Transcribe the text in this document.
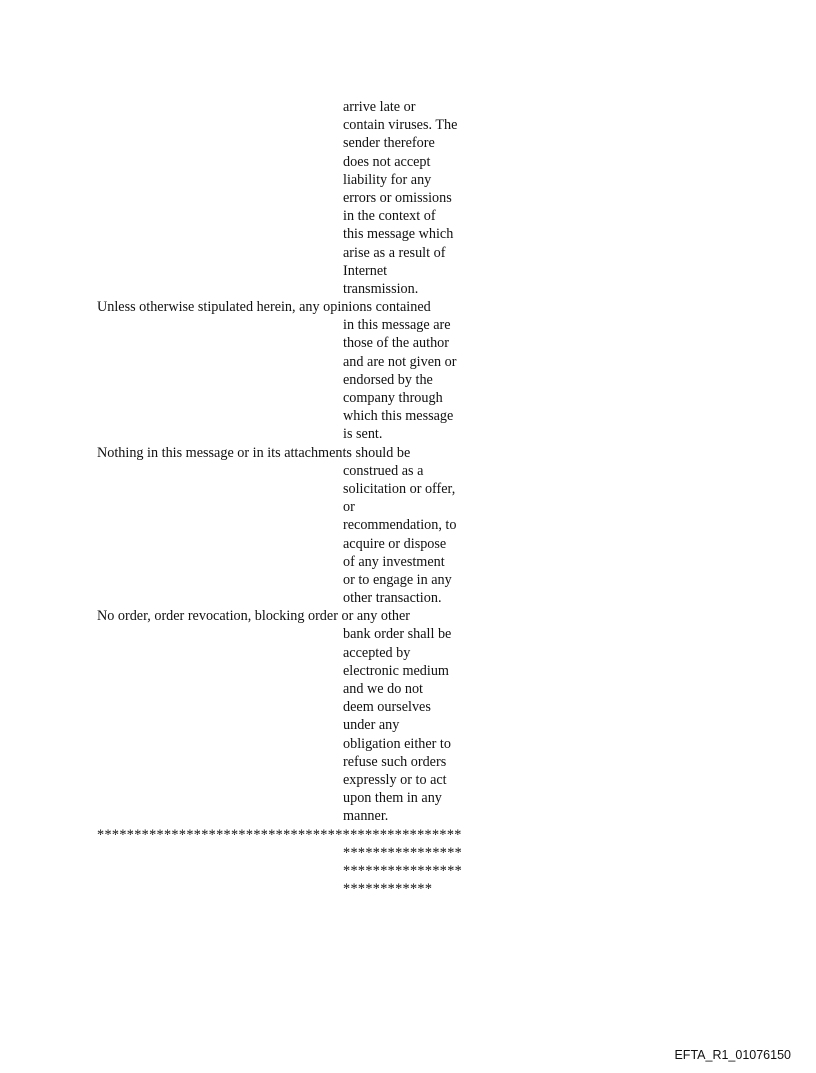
arrive late or
contain viruses. The
sender therefore
does not accept
liability for any
errors or omissions
in the context of
this message which
arise as a result of
Internet
transmission.
Unless otherwise stipulated herein, any opinions contained
in this message are
those of the author
and are not given or
endorsed by the
company through
which this message
is sent.
Nothing in this message or in its attachments should be
construed as a
solicitation or offer,
or
recommendation, to
acquire or dispose
of any investment
or to engage in any
other transaction.
No order, order revocation, blocking order or any other
bank order shall be
accepted by
electronic medium
and we do not
deem ourselves
under any
obligation either to
refuse such orders
expressly or to act
upon them in any
manner.
*************************************************
****************
****************
************
EFTA_R1_01076150
